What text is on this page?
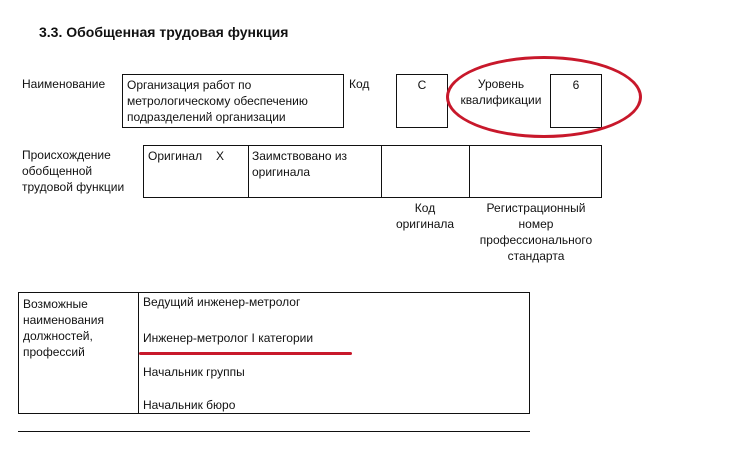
3.3. Обобщенная трудовая функция
Наименование Организация работ по
метрологическому обеспечению
подразделений организации
Код	C	Уровень
квалификации
6
Происхождение
обобщенной
трудовой функции
Оригинал X Заимствовано из
оригинала
Код
оригинала
Регистрационный
номер
профессионального
стандарта
Возможные
наименования
должностей,
профессий
Ведущий инженер-метролог
Инженер-метролог I категории
Начальник группы
Начальник бюро
